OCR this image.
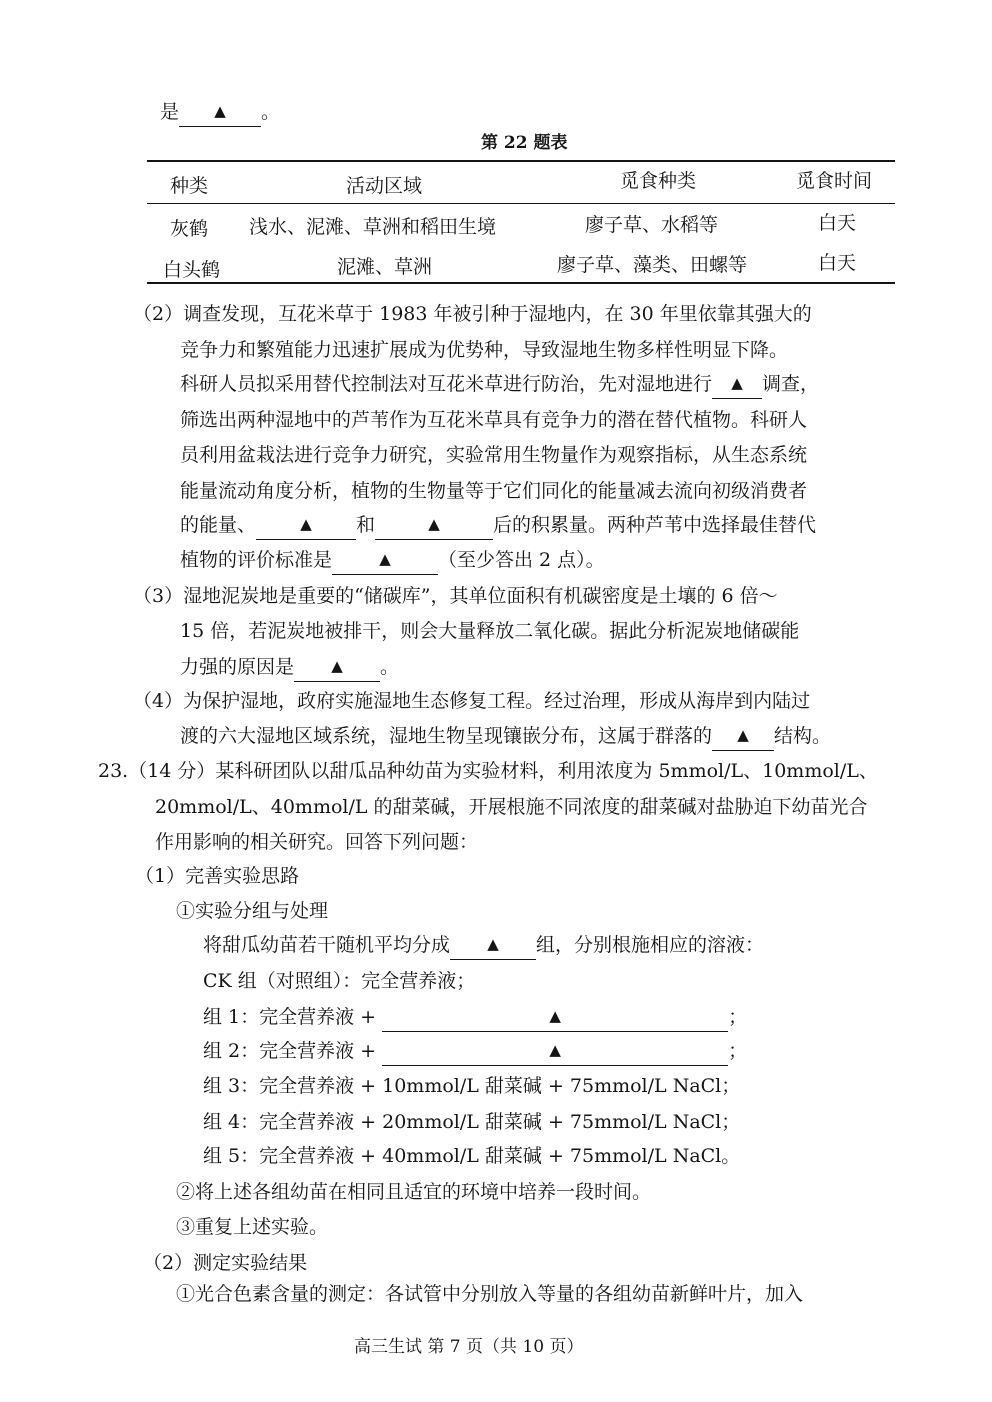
是 ▲ 。
第 22 题表
种类	活动区域	觅食种类	觅食时间
灰鹤 浅水、泥滩、草洲和稻田生境	廖子草、水稻等	白天
白头鹤	泥滩、草洲	廖子草、藻类、田螺等	白天
（2）调查发现，互花米草于 1983 年被引种于湿地内，在 30 年里依靠其强大的
竞争力和繁殖能力迅速扩展成为优势种，导致湿地生物多样性明显下降。
科研人员拟采用替代控制法对互花米草进行防治，先对湿地进行 ▲ 调查，
筛选出两种湿地中的芦苇作为互花米草具有竞争力的潜在替代植物。科研人
员利用盆栽法进行竞争力研究，实验常用生物量作为观察指标，从生态系统
能量流动角度分析，植物的生物量等于它们同化的能量减去流向初级消费者
的能量、	▲ 和	▲	后的积累量。两种芦苇中选择最佳替代
植物的评价标准是	▲ （至少答出 2 点）。
（3）湿地泥炭地是重要的“储碳库”，其单位面积有机碳密度是土壤的 6 倍～
15 倍，若泥炭地被排干，则会大量释放二氧化碳。据此分析泥炭地储碳能
力强的原因是 ▲ 。
（4）为保护湿地，政府实施湿地生态修复工程。经过治理，形成从海岸到内陆过
渡的六大湿地区域系统，湿地生物呈现镶嵌分布，这属于群落的 ▲ 结构。
23.（14 分）某科研团队以甜瓜品种幼苗为实验材料，利用浓度为 5mmol/L、10mmol/L、
20mmol/L、40mmol/L 的甜菜碱，开展根施不同浓度的甜菜碱对盐胁迫下幼苗光合
作用影响的相关研究。回答下列问题：
（1）完善实验思路
①实验分组与处理
将甜瓜幼苗若干随机平均分成 ▲ 组，分别根施相应的溶液：
CK 组（对照组）：完全营养液；
组 1：完全营养液 +	▲	；
组 2：完全营养液 +	▲	；
组 3：完全营养液 + 10mmol/L 甜菜碱 + 75mmol/L NaCl；
组 4：完全营养液 + 20mmol/L 甜菜碱 + 75mmol/L NaCl；
组 5：完全营养液 + 40mmol/L 甜菜碱 + 75mmol/L NaCl。
②将上述各组幼苗在相同且适宜的环境中培养一段时间。
③重复上述实验。
（2）测定实验结果
①光合色素含量的测定：各试管中分别放入等量的各组幼苗新鲜叶片，加入
高三生试 第 7 页（共 10 页）
